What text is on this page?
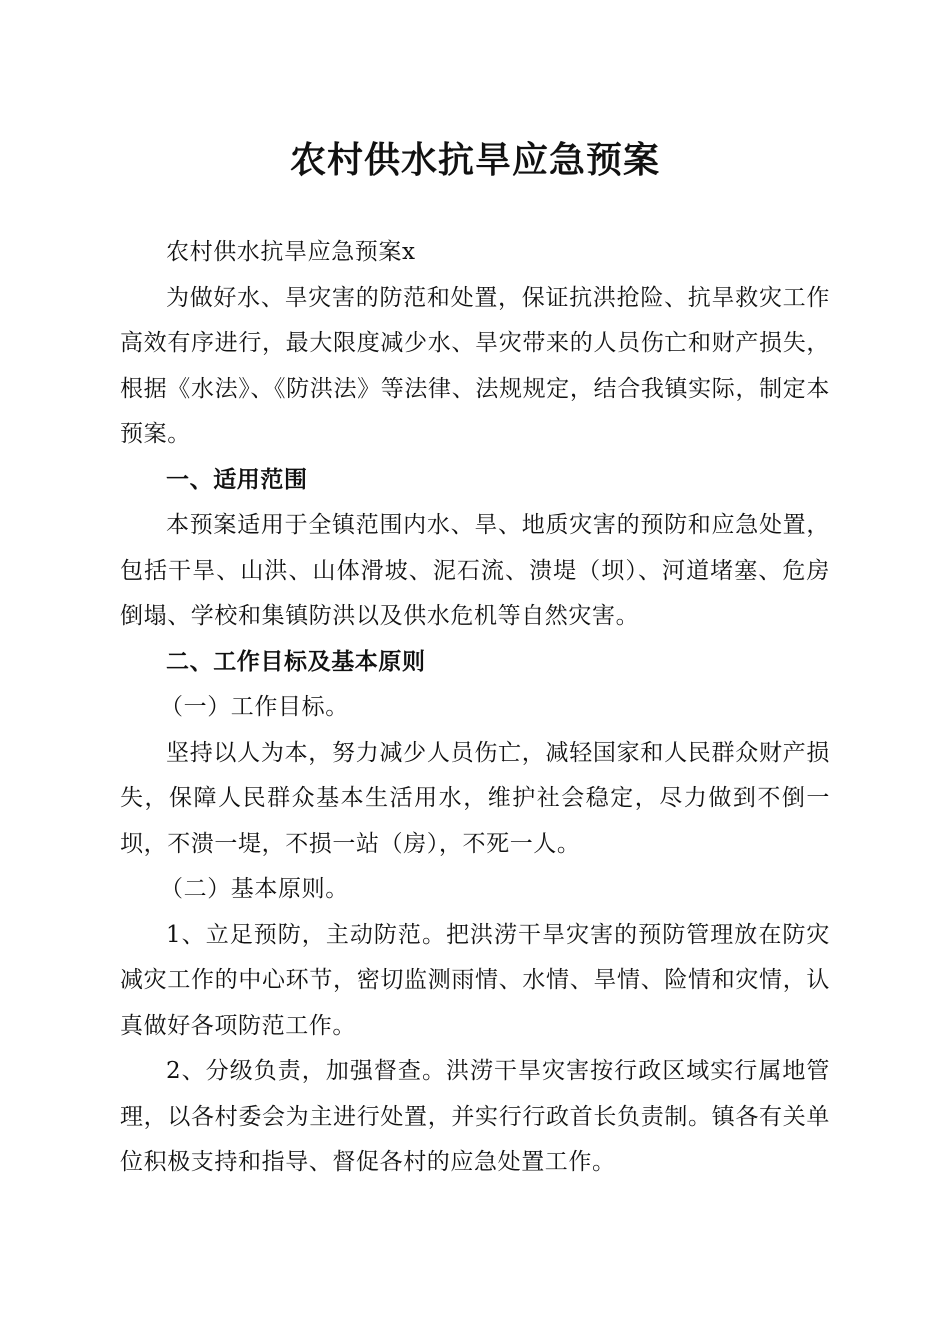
农村供水抗旱应急预案

农村供水抗旱应急预案x

为做好水、旱灾害的防范和处置，保证抗洪抢险、抗旱救灾工作高效有序进行，最大限度减少水、旱灾带来的人员伤亡和财产损失，根据《水法》、《防洪法》等法律、法规规定，结合我镇实际，制定本预案。

一、适用范围

本预案适用于全镇范围内水、旱、地质灾害的预防和应急处置，包括干旱、山洪、山体滑坡、泥石流、溃堤（坝）、河道堵塞、危房倒塌、学校和集镇防洪以及供水危机等自然灾害。

二、工作目标及基本原则

（一）工作目标。

坚持以人为本，努力减少人员伤亡，减轻国家和人民群众财产损失，保障人民群众基本生活用水，维护社会稳定，尽力做到不倒一坝，不溃一堤，不损一站（房），不死一人。

（二）基本原则。

1、立足预防，主动防范。把洪涝干旱灾害的预防管理放在防灾减灾工作的中心环节，密切监测雨情、水情、旱情、险情和灾情，认真做好各项防范工作。

2、分级负责，加强督查。洪涝干旱灾害按行政区域实行属地管理，以各村委会为主进行处置，并实行行政首长负责制。镇各有关单位积极支持和指导、督促各村的应急处置工作。
